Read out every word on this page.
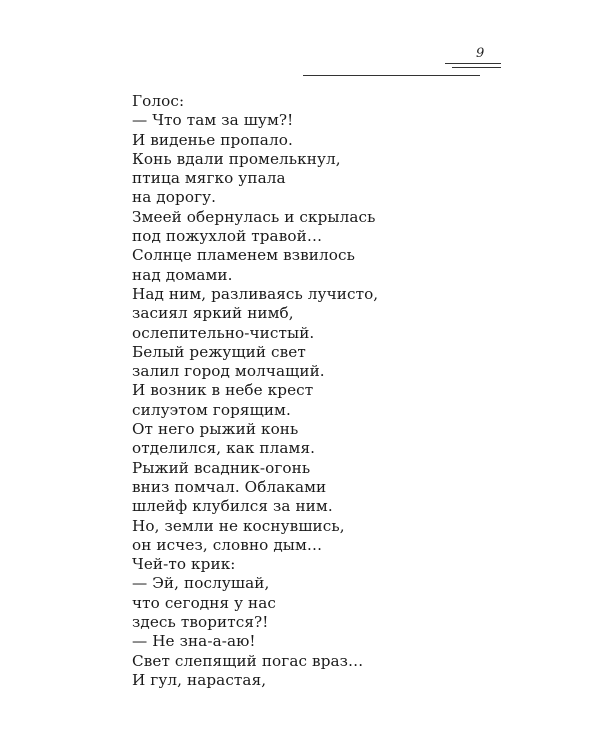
9
Голос:
— Что там за шум?!
И виденье пропало.
Конь вдали промелькнул,
птица мягко упала
на дорогу.
Змеей обернулась и скрылась
под пожухлой травой…
Солнце пламенем взвилось
над домами.
Над ним, разливаясь лучисто,
засиял яркий нимб,
ослепительно-чистый.
Белый режущий свет
залил город молчащий.
И возник в небе крест
силуэтом горящим.
От него рыжий конь
отделился, как пламя.
Рыжий всадник-огонь
вниз помчал. Облаками
шлейф клубился за ним.
Но, земли не коснувшись,
он исчез, словно дым…
Чей-то крик:
— Эй, послушай,
что сегодня у нас
здесь творится?!
— Не зна-а-аю!
Свет слепящий погас враз…
И гул, нарастая,
